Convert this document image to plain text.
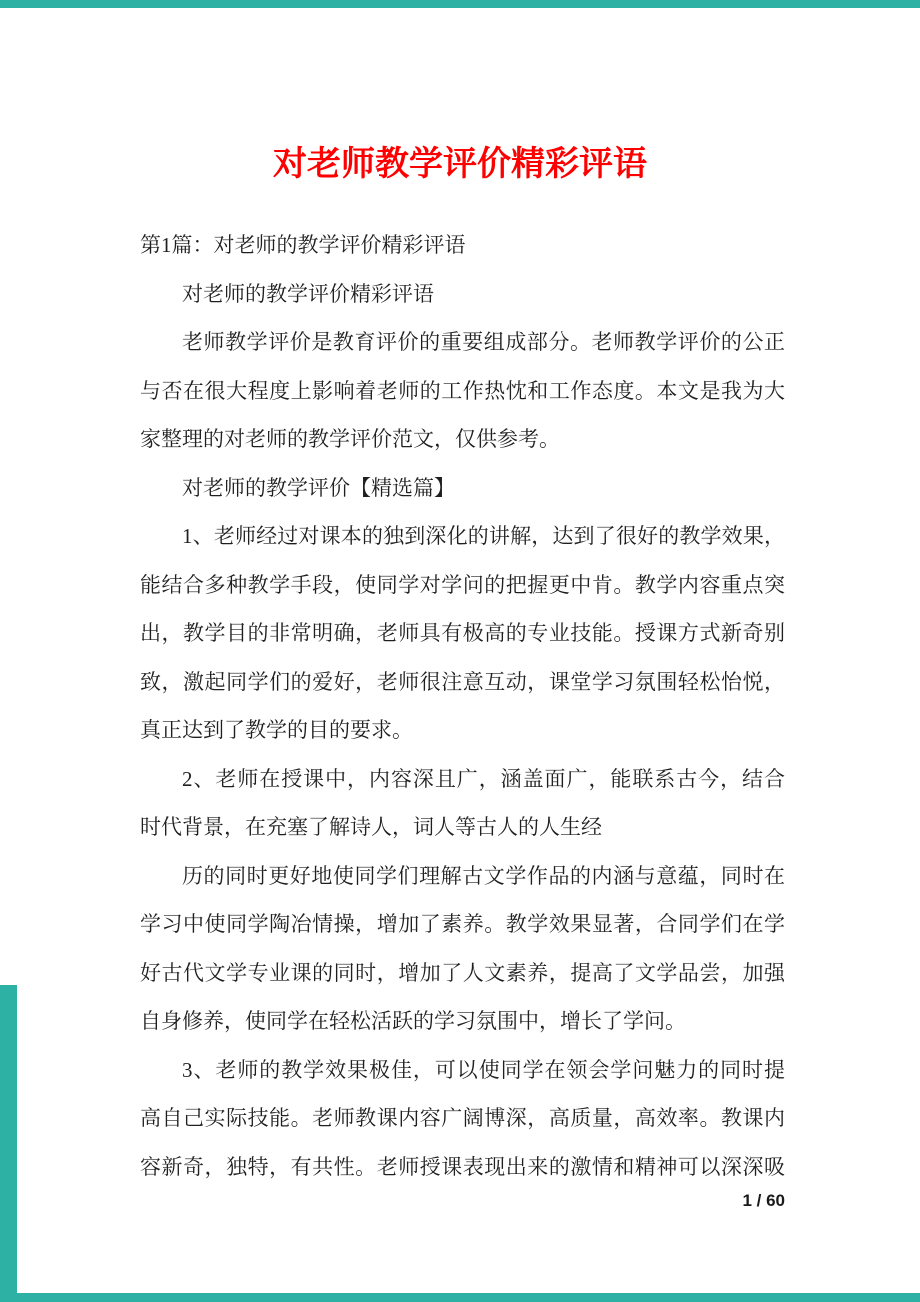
对老师教学评价精彩评语
第1篇：对老师的教学评价精彩评语
对老师的教学评价精彩评语
老师教学评价是教育评价的重要组成部分。老师教学评价的公正
与否在很大程度上影响着老师的工作热忱和工作态度。本文是我为大
家整理的对老师的教学评价范文，仅供参考。
对老师的教学评价【精选篇】
1、老师经过对课本的独到深化的讲解，达到了很好的教学效果，
能结合多种教学手段，使同学对学问的把握更中肯。教学内容重点突
出，教学目的非常明确，老师具有极高的专业技能。授课方式新奇别
致，激起同学们的爱好，老师很注意互动，课堂学习氛围轻松怡悦，
真正达到了教学的目的要求。
2、老师在授课中，内容深且广，涵盖面广，能联系古今，结合
时代背景，在充塞了解诗人，词人等古人的人生经
历的同时更好地使同学们理解古文学作品的内涵与意蕴，同时在
学习中使同学陶冶情操，增加了素养。教学效果显著，合同学们在学
好古代文学专业课的同时，增加了人文素养，提高了文学品尝，加强
自身修养，使同学在轻松活跃的学习氛围中，增长了学问。
3、老师的教学效果极佳，可以使同学在领会学问魅力的同时提
高自己实际技能。老师教课内容广阔博深，高质量，高效率。教课内
容新奇，独特，有共性。老师授课表现出来的激情和精神可以深深吸
1 / 60
